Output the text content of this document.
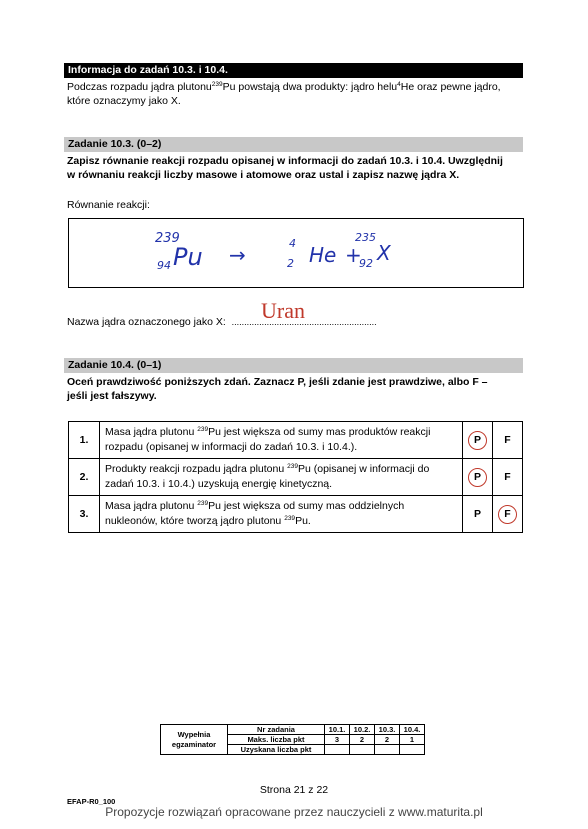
Informacja do zadań 10.3. i 10.4.
Podczas rozpadu jądra plutonu$^{239}$Pu powstają dwa produkty: jądro helu$^4$He oraz pewne jądro,
które oznaczymy jako X.
Zadanie 10.3. (0–2)
Zapisz równanie reakcji rozpadu opisanej w informacji do zadań 10.3. i 10.4. Uwzględnij
w równaniu reakcji liczby masowe i atomowe oraz ustal i zapisz nazwę jądra X.
Równanie reakcji:
239
94 Pu →	4
2 He +
235
92 X
Nazwa jądra oznaczonego jako X: ..........................................................
Uran
Zadanie 10.4. (0–1)
Oceń prawdziwość poniższych zdań. Zaznacz P, jeśli zdanie jest prawdziwe, albo F –
jeśli jest fałszywy.
1.	Masa jądra plutonu $^{239}$Pu jest większa od sumy mas produktów reakcji
rozpadu (opisanej w informacji do zadań 10.3. i 10.4.).	P	F
2.	Produkty reakcji rozpadu jądra plutonu $^{239}$Pu (opisanej w informacji do
zadań 10.3. i 10.4.) uzyskują energię kinetyczną.	P	F
3.	Masa jądra plutonu $^{239}$Pu jest większa od sumy mas oddzielnych
nukleonów, które tworzą jądro plutonu $^{239}$Pu.	P	F
Wypełnia egzaminator	Nr zadania	10.1.	10.2.	10.3.	10.4.
	Maks. liczba pkt	3	2	2	1
	Uzyskana liczba pkt				
Strona 21 z 22
EFAP-R0_100
Propozycje rozwiązań opracowane przez nauczycieli z www.maturita.pl
